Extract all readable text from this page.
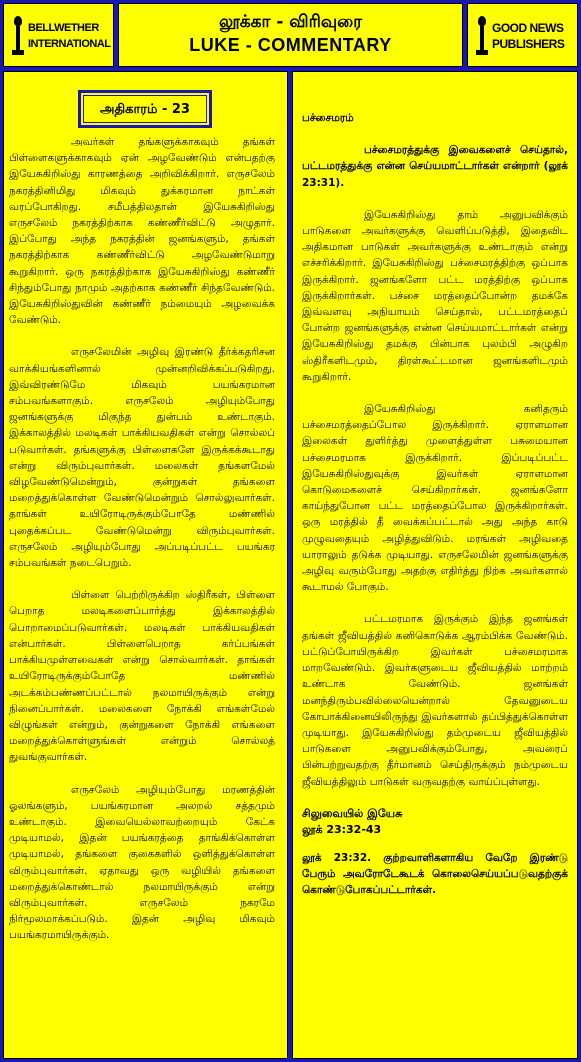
BELLWETHER
INTERNATIONAL
லூக்கா - விரிவுரை
LUKE - COMMENTARY
GOOD NEWS
PUBLISHERS
அதிகாரம் - 23

அவர்கள் தங்களுக்காகவும் தங்கள் பிள்ளைகளுக்காகவும் ஏன் அழவேண்டும் என்பதற்கு இயேசுகிறிஸ்து காரணத்தை அறிவிக்கிறார். எருசலேம் நகரத்தினிமிது மிகவும் துக்கரமான நாட்கள் வரப்போகிறது. சமீபத்திலதான் இயேசுகிறிஸ்து எருசலேம் நகரத்திற்காக கண்ணீர்விட்டு அழுதார். இப்போது அந்த நகரத்தின் ஜனங்களும், தங்கள் நகரத்திற்காக கண்ணீர்விட்டு அழவேண்டுமாறு கூறுகிறார். ஒரு நகரத்திற்காக இயேசுகிறிஸ்து கண்ணீர் சிந்தும்போது நாமும் அதற்காக கண்ணீர் சிந்தவேண்டும். இயேசுகிறிஸ்துவின் கண்ணீர் நம்மையும் அழவைக்க வேண்டும்.

எருசலேமின் அழிவு இரண்டு தீர்க்கதரிசன வாக்கியங்களினால் முன்னறிவிக்கப்படுகிறது. இவ்விரண்டுமே மிகவும் பயங்கரமான சம்பவங்களாகும். எருசலேம் அழியும்போது ஜனங்களுக்கு மிகுந்த துன்பம் உண்டாகும். இக்காலத்தில் மலடிகள் பாக்கியவதிகள் என்று சொல்லப் படுவார்கள். தங்களுக்கு பிள்ளைகளே இருக்கக்கூடாது என்று விரும்புவார்கள். மலைகள் தங்களமேல் விழவேண்டுமென்றும், குன்றுகள் தங்களை மறைத்துக்கொள்ள வேண்டுமென்றும் சொல்லுவார்கள். தாங்கள் உயிரோடிருக்கும்போதே மண்ணில் புதைக்கப்பட வேண்டுமென்று விரும்புவார்கள். எருசலேம் அழியும்போது அப்படிப்பட்ட பயங்கர சம்பவங்கள் நடைபெறும்.

பிள்ளை பெற்றிருக்கிற ஸ்திரீகள், பிள்ளை பெறாத மலடிகளைப்பார்த்து இக்காலத்தில் பொறாமைப்படுவார்கள். மலடிகள் பாக்கியவதிகள் என்பார்கள். பிள்ளைபெறாத கர்ப்பங்கள் பாக்கியமுள்ளவைகள் என்று சொல்வார்கள். தாங்கள் உயிரோடிருக்கும்போதே மண்ணில் அடக்கம்பண்ணப்பட்டால் நலமாயிருக்கும் என்று நினைப்பார்கள். மலைகளை நோக்கி எங்கள்மேல் விழுங்கள் என்றும், குன்றுகளை நோக்கி எங்களை மறைத்துக்கொள்ளுங்கள் என்றும் சொல்லத் துவங்குவார்கள்.

எருசலேம் அழியும்போது மரணத்தின் ஓலங்களும், பயங்கரமான அலறல் சத்தமும் உண்டாகும். இவையெல்லாவற்றையும் கேட்க முடியாமல், இதன் பயங்கரத்தை தாங்கிக்கொள்ள முடியாமல், தங்களை குகைகளில் ஒளித்துக்கொள்ள விரும்புவார்கள். ஏதாவது ஒரு வழியில் தங்களை மறைத்துக்கொண்டால் நலமாயிருக்கும் என்று விரும்புவார்கள். எருசலேம் நகரமே நிர்மூலமாக்கப்படும். இதன் அழிவு மிகவும் பயங்கரமாயிருக்கும்.

பச்சைமரம்

பச்சைமரத்துக்கு இவைகளைச் செய்தால், பட்டமரத்துக்கு என்ன செய்யமாட்டார்கள் என்றார் (லூக் 23:31).

இயேசுகிறிஸ்து தாம் அனுபவிக்கும் பாடுகளை அவர்களுக்கு வெளிப்படுத்தி, இதைவிட அதிகமான பாடுகள் அவர்களுக்கு உண்டாகும் என்று எச்சரிக்கிறார். இயேசுகிறிஸ்து பச்சைமரத்திற்கு ஒப்பாக இருக்கிறார். ஜனங்களோ பட்ட மரத்திற்கு ஒப்பாக இருக்கிறார்கள். பச்சை மரத்தைப்போன்ற தமக்கே இவ்வளவு அநியாயம் செய்தால், பட்டமரத்தைப் போன்ற ஜனங்களுக்கு என்ன செய்யமாட்டார்கள் என்று இயேசுகிறிஸ்து தமக்கு பின்பாக புலம்பி அழுகிற ஸ்திரீகளிடமும், திரள்கூட்டமான ஜனங்களிடமும் கூறுகிறார்.

இயேசுகிறிஸ்து கனிதரும் பச்சைமரத்தைப்போல இருக்கிறார். ஏராளமான இலைகள் துளிர்த்து முளைத்துள்ள பசுமையான பச்சைமரமாக இருக்கிறார். இப்படிப்பட்ட இயேசுகிறிஸ்துவுக்கு இவர்கள் ஏராளமான கொடுமைகளைச் செய்கிறார்கள். ஜனங்களோ காய்ந்துபோன பட்ட மரத்தைப்போல இருக்கிறார்கள். ஒரு மரத்தில் தீ வைக்கப்பட்டால் அது அந்த காடு முழுவதையும் அழித்துவிடும். மரங்கள் அழிவதை யாராலும் தடுக்க முடியாது. எருசலேமின் ஜனங்களுக்கு அழிவு வரும்போது அதற்கு எதிர்த்து நிற்க அவர்களால் கூடாமல் போகும்.

பட்டமரமாக இருக்கும் இந்த ஜனங்கள் தங்கள் ஜீவியத்தில் கனிகொடுக்க ஆரம்பிக்க வேண்டும். பட்டுப்போயிருக்கிற இவர்கள் பச்சைமரமாக மாறவேண்டும். இவர்களுடைய ஜீவியத்தில் மாற்றம் உண்டாக வேண்டும். ஜனங்கள் மனந்திரும்பவில்லையென்றால் தேவனுடைய கோபாக்கினையிலிருந்து இவர்களால் தப்பித்துக்கொள்ள முடியாது. இயேசுகிறிஸ்து தம்முடைய ஜீவியத்தில் பாடுகளை அனுபவிக்கும்போது, அவரைப் பின்பற்றுவதற்கு தீர்மானம் செய்திருக்கும் நம்முடைய ஜீவியத்திலும் பாடுகள் வருவதற்கு வாய்ப்புள்ளது.

சிலுவையில் இயேசு
லூக் 23:32-43

லூக் 23:32. குற்றவாளிகளாகிய வேறே இரண்டு பேரும் அவரோடேகூடக் கொலைசெய்யப்படுவதற்குக் கொண்டுபோகப்பட்டார்கள்.
